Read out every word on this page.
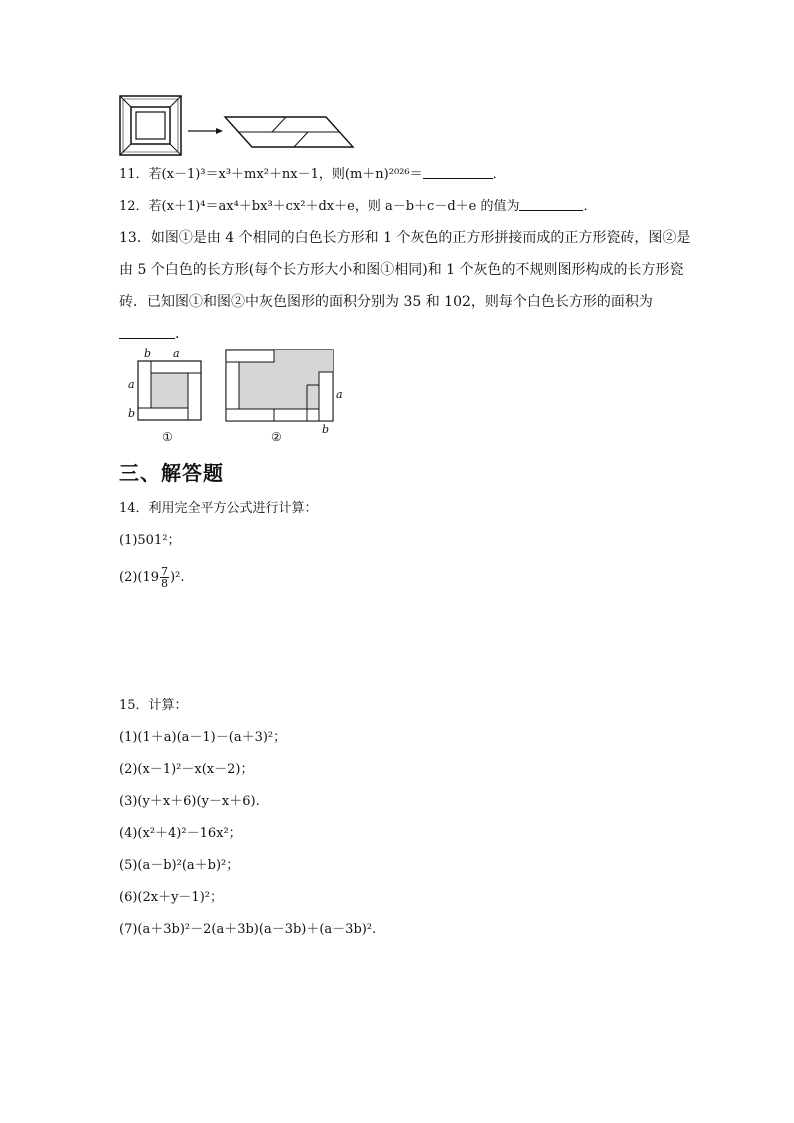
11．若(x－1)³＝x³＋mx²＋nx－1，则(m＋n)²⁰²⁶＝	．
12．若(x＋1)⁴＝ax⁴＋bx³＋cx²＋dx＋e，则 a－b＋c－d＋e 的值为	．
13．如图①是由 4 个相同的白色长方形和 1 个灰色的正方形拼接而成的正方形瓷砖，图②是
由 5 个白色的长方形(每个长方形大小和图①相同)和 1 个灰色的不规则图形构成的长方形瓷
砖．已知图①和图②中灰色图形的面积分别为 35 和 102，则每个白色长方形的面积为
．
b a
a
b
①
a
b
②
三、解答题
14．利用完全平方公式进行计算：
(1)501²；
$(2)(19 \frac{7}{8} )^2$.
15．计算：
(1)(1＋a)(a－1)－(a＋3)²；
(2)(x－1)²－x(x－2)；
(3)(y＋x＋6)(y－x＋6).
(4)(x²＋4)²－16x²；
(5)(a－b)²(a＋b)²；
(6)(2x＋y－1)²；
(7)(a＋3b)²－2(a＋3b)(a－3b)＋(a－3b)².
